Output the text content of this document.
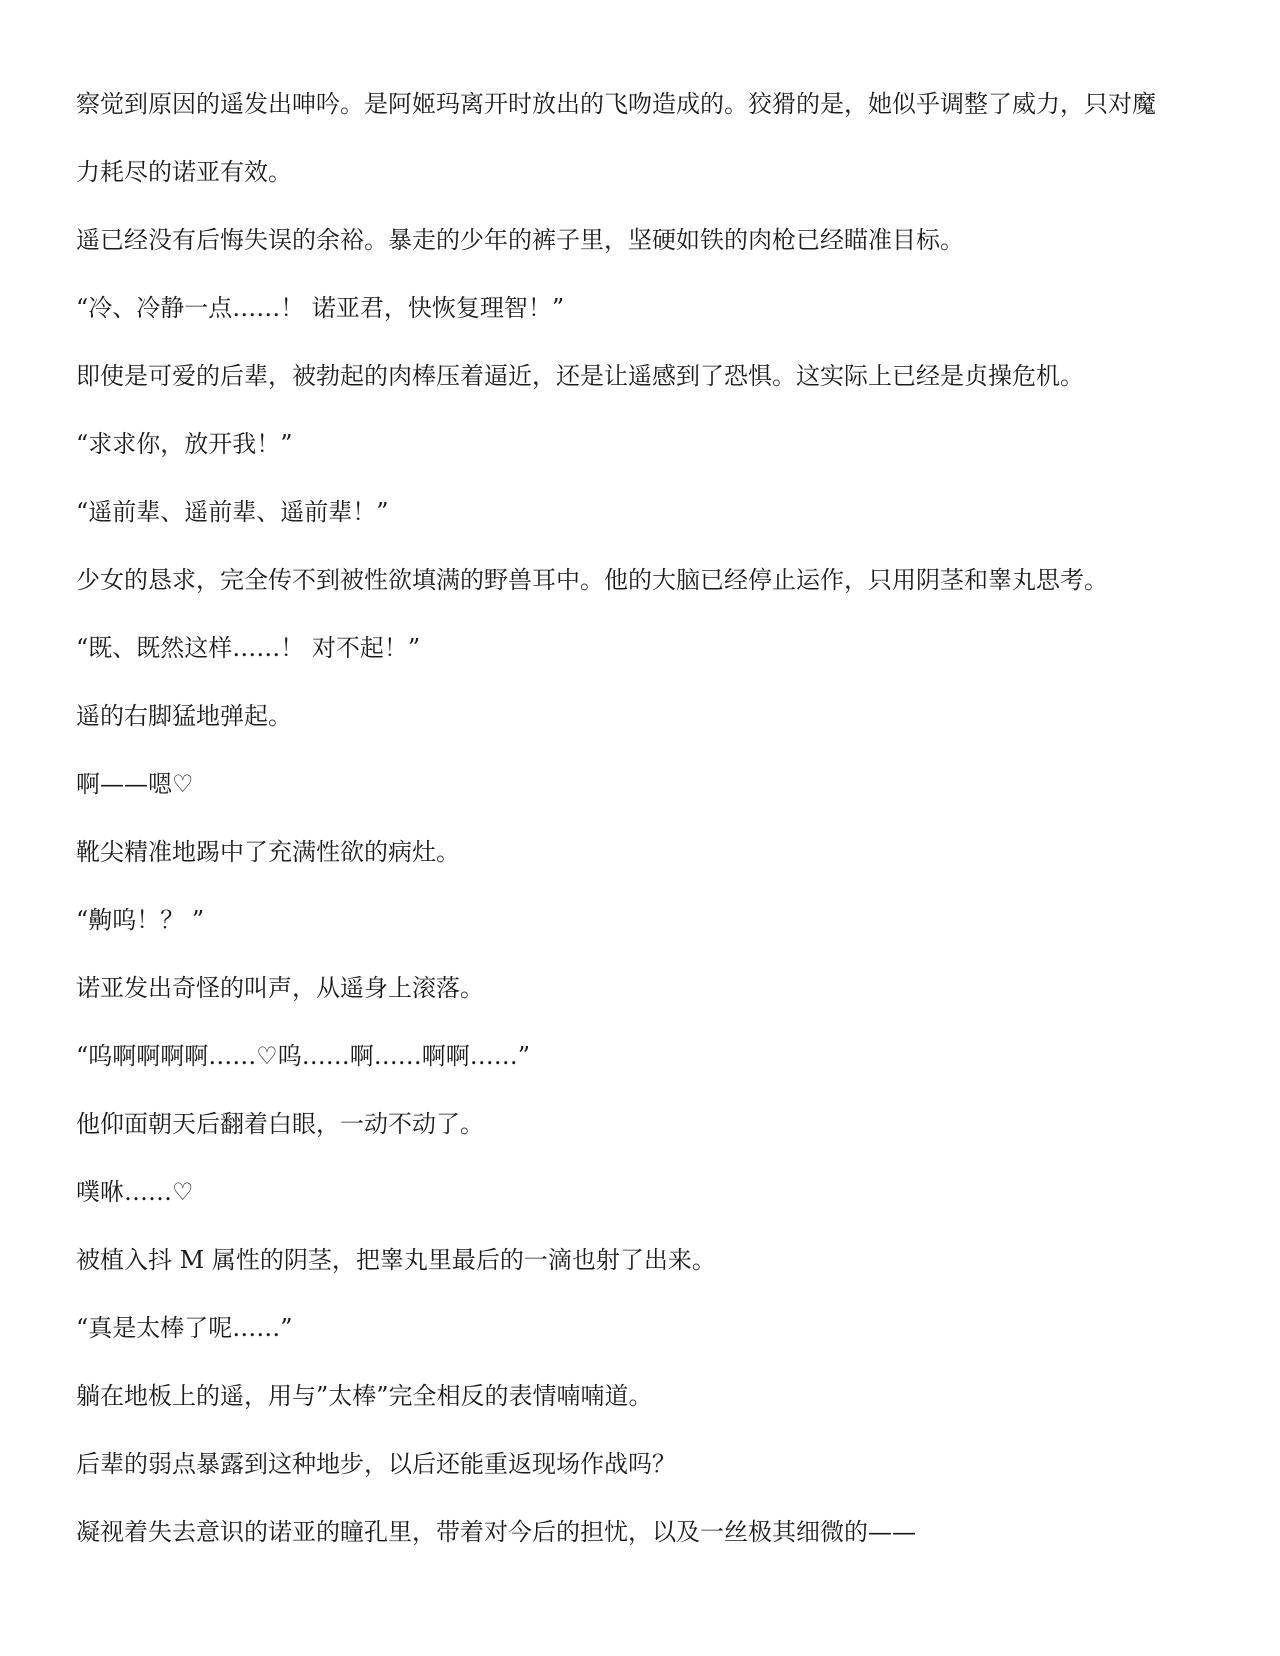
察觉到原因的遥发出呻吟。是阿姬玛离开时放出的飞吻造成的。狡猾的是，她似乎调整了威力，只对魔

力耗尽的诺亚有效。

遥已经没有后悔失误的余裕。暴走的少年的裤子里，坚硬如铁的肉枪已经瞄准目标。

“冷、冷静一点……！ 诺亚君，快恢复理智！”

即使是可爱的后辈，被勃起的肉棒压着逼近，还是让遥感到了恐惧。这实际上已经是贞操危机。

“求求你，放开我！”

“遥前辈、遥前辈、遥前辈！”

少女的恳求，完全传不到被性欲填满的野兽耳中。他的大脑已经停止运作，只用阴茎和睾丸思考。

“既、既然这样……！ 对不起！”

遥的右脚猛地弹起。

啊——嗯♡

靴尖精准地踢中了充满性欲的病灶。

“齁呜！？ ”

诺亚发出奇怪的叫声，从遥身上滚落。

“呜啊啊啊啊……♡呜……啊……啊啊……”

他仰面朝天后翻着白眼，一动不动了。

噗咻……♡

被植入抖 M 属性的阴茎，把睾丸里最后的一滴也射了出来。

“真是太棒了呢……”

躺在地板上的遥，用与”太棒”完全相反的表情喃喃道。

后辈的弱点暴露到这种地步，以后还能重返现场作战吗？

凝视着失去意识的诺亚的瞳孔里，带着对今后的担忧，以及一丝极其细微的——
